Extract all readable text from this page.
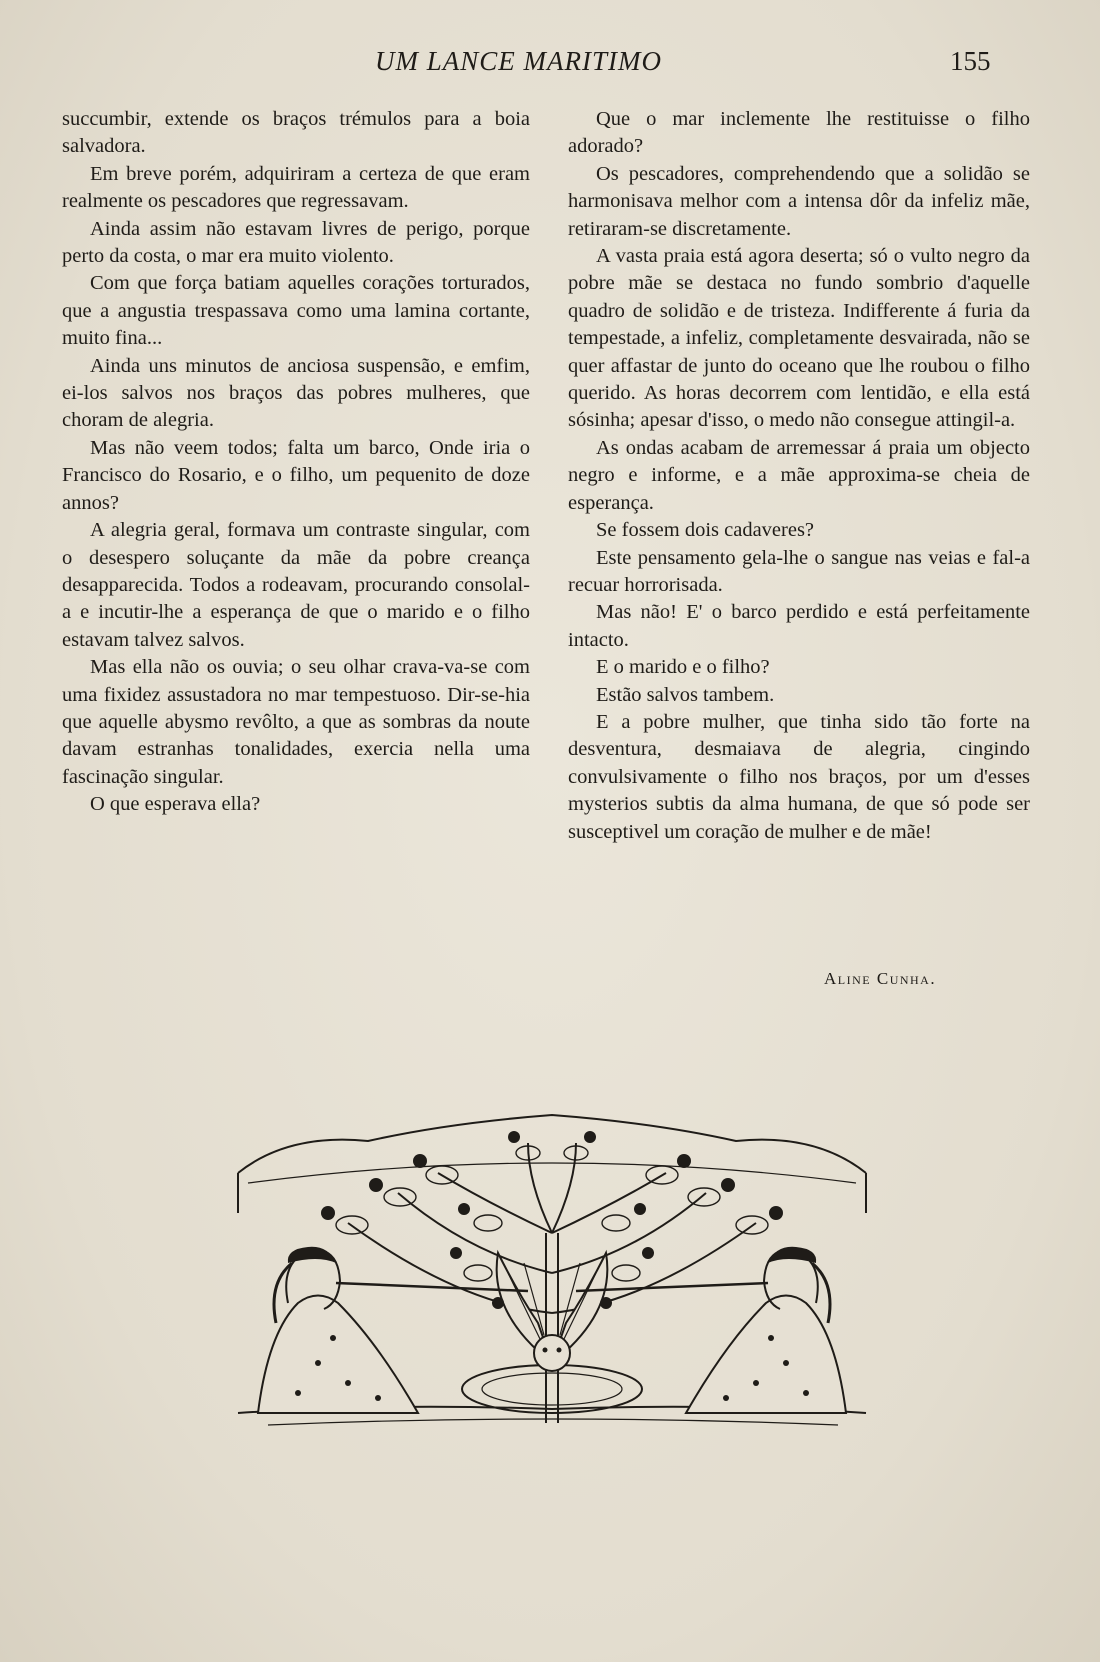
UM LANCE MARITIMO	155

succumbir, extende os braços trémulos para a boia salvadora.

Em breve porém, adquiriram a certeza de que eram realmente os pescadores que regressavam.

Ainda assim não estavam livres de perigo, porque perto da costa, o mar era muito violento.

Com que força batiam aquelles corações torturados, que a angustia trespassava como uma lamina cortante, muito fina...

Ainda uns minutos de anciosa suspensão, e emfim, ei-los salvos nos braços das pobres mulheres, que choram de alegria.

Mas não veem todos; falta um barco, Onde iria o Francisco do Rosario, e o filho, um pequenito de doze annos?

A alegria geral, formava um contraste singular, com o desespero soluçante da mãe da pobre creança desapparecida. Todos a rodeavam, procurando consolal-a e incutir-lhe a esperança de que o marido e o filho estavam talvez salvos.

Mas ella não os ouvia; o seu olhar crava-va-se com uma fixidez assustadora no mar tempestuoso. Dir-se-hia que aquelle abysmo revôlto, a que as sombras da noute davam estranhas tonalidades, exercia nella uma fascinação singular.

O que esperava ella?

Que o mar inclemente lhe restituisse o filho adorado?

Os pescadores, comprehendendo que a solidão se harmonisava melhor com a intensa dôr da infeliz mãe, retiraram-se discretamente.

A vasta praia está agora deserta; só o vulto negro da pobre mãe se destaca no fundo sombrio d'aquelle quadro de solidão e de tristeza. Indifferente á furia da tempestade, a infeliz, completamente desvairada, não se quer affastar de junto do oceano que lhe roubou o filho querido. As horas decorrem com lentidão, e ella está sósinha; apesar d'isso, o medo não consegue attingil-a.

As ondas acabam de arremessar á praia um objecto negro e informe, e a mãe approxima-se cheia de esperança.

Se fossem dois cadaveres?

Este pensamento gela-lhe o sangue nas veias e fal-a recuar horrorisada.

Mas não! E' o barco perdido e está perfeitamente intacto.

E o marido e o filho?

Estão salvos tambem.

E a pobre mulher, que tinha sido tão forte na desventura, desmaiava de alegria, cingindo convulsivamente o filho nos braços, por um d'esses mysterios subtis da alma humana, de que só pode ser susceptivel um coração de mulher e de mãe!

Aline Cunha.
